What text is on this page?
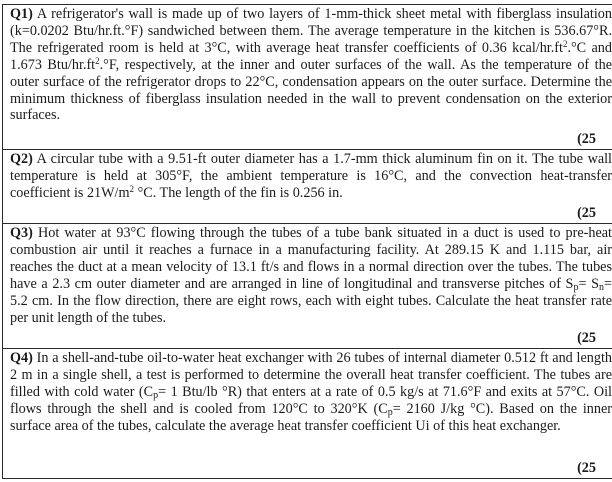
Q1) A refrigerator's wall is made up of two layers of 1-mm-thick sheet metal with fiberglass insulation (k=0.0202 Btu/hr.ft.°F) sandwiched between them. The average temperature in the kitchen is 536.67°R. The refrigerated room is held at 3°C, with average heat transfer coefficients of 0.36 kcal/$hr.ft^2.^\circ C$ and 1.673 Btu/$hr.ft^2.^\circ F$, respectively, at the inner and outer surfaces of the wall. As the temperature of the outer surface of the refrigerator drops to 22°C, condensation appears on the outer surface. Determine the minimum thickness of fiberglass insulation needed in the wall to prevent condensation on the exterior surfaces.
(25
Q2) A circular tube with a 9.51-ft outer diameter has a 1.7-mm thick aluminum fin on it. The tube wall temperature is held at 305°F, the ambient temperature is 16°C, and the convection heat-transfer coefficient is $21W/m^2$ °C. The length of the fin is 0.256 in.
(25
Q3) Hot water at 93°C flowing through the tubes of a tube bank situated in a duct is used to pre-heat combustion air until it reaches a furnace in a manufacturing facility. At 289.15 K and 1.115 bar, air reaches the duct at a mean velocity of 13.1 ft/s and flows in a normal direction over the tubes. The tubes have a 2.3 cm outer diameter and are arranged in line of longitudinal and transverse pitches of $S_p= S_n= 5.2$ cm. In the flow direction, there are eight rows, each with eight tubes. Calculate the heat transfer rate per unit length of the tubes.
(25
Q4) In a shell-and-tube oil-to-water heat exchanger with 26 tubes of internal diameter 0.512 ft and length 2 m in a single shell, a test is performed to determine the overall heat transfer coefficient. The tubes are filled with cold water ($C_p= 1$ Btu/lb °R) that enters at a rate of 0.5 kg/s at 71.6°F and exits at 57°C. Oil flows through the shell and is cooled from 120°C to 320°K ($C_p= 2160$ J/kg °C). Based on the inner surface area of the tubes, calculate the average heat transfer coefficient Ui of this heat exchanger.
(25
